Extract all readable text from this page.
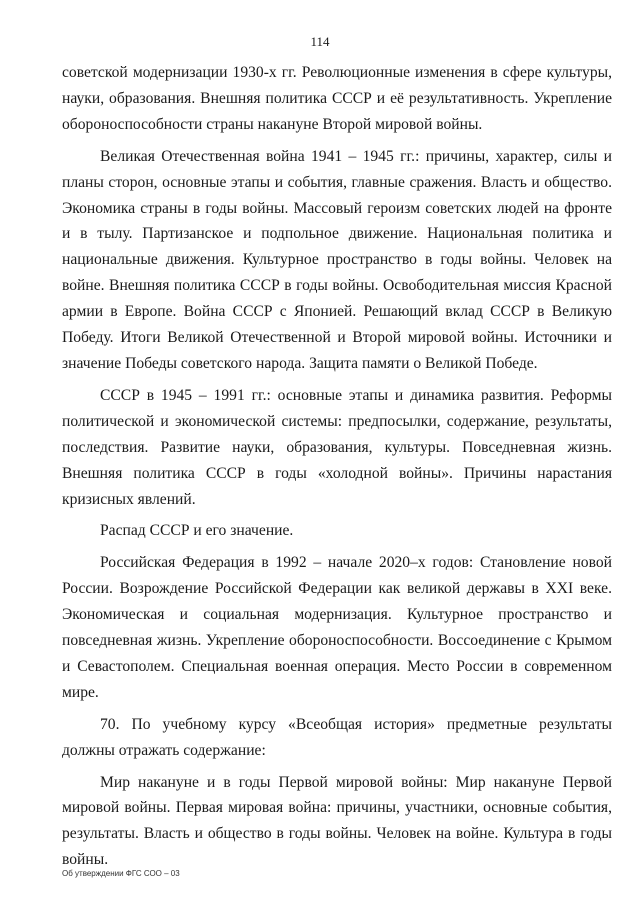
114

советской модернизации 1930-х гг. Революционные изменения в сфере культуры, науки, образования. Внешняя политика СССР и её результативность. Укрепление обороноспособности страны накануне Второй мировой войны.

Великая Отечественная война 1941 – 1945 гг.: причины, характер, силы и планы сторон, основные этапы и события, главные сражения. Власть и общество. Экономика страны в годы войны. Массовый героизм советских людей на фронте и в тылу. Партизанское и подпольное движение. Национальная политика и национальные движения. Культурное пространство в годы войны. Человек на войне. Внешняя политика СССР в годы войны. Освободительная миссия Красной армии в Европе. Война СССР с Японией. Решающий вклад СССР в Великую Победу. Итоги Великой Отечественной и Второй мировой войны. Источники и значение Победы советского народа. Защита памяти о Великой Победе.

СССР в 1945 – 1991 гг.: основные этапы и динамика развития. Реформы политической и экономической системы: предпосылки, содержание, результаты, последствия. Развитие науки, образования, культуры. Повседневная жизнь. Внешняя политика СССР в годы «холодной войны». Причины нарастания кризисных явлений.

Распад СССР и его значение.

Российская Федерация в 1992 – начале 2020–х годов: Становление новой России. Возрождение Российской Федерации как великой державы в XXI веке. Экономическая и социальная модернизация. Культурное пространство и повседневная жизнь. Укрепление обороноспособности. Воссоединение с Крымом и Севастополем. Специальная военная операция. Место России в современном мире.

70. По учебному курсу «Всеобщая история» предметные результаты должны отражать содержание:

Мир накануне и в годы Первой мировой войны: Мир накануне Первой мировой войны. Первая мировая война: причины, участники, основные события, результаты. Власть и общество в годы войны. Человек на войне. Культура в годы войны.

Об утверждении ФГС СОО – 03
